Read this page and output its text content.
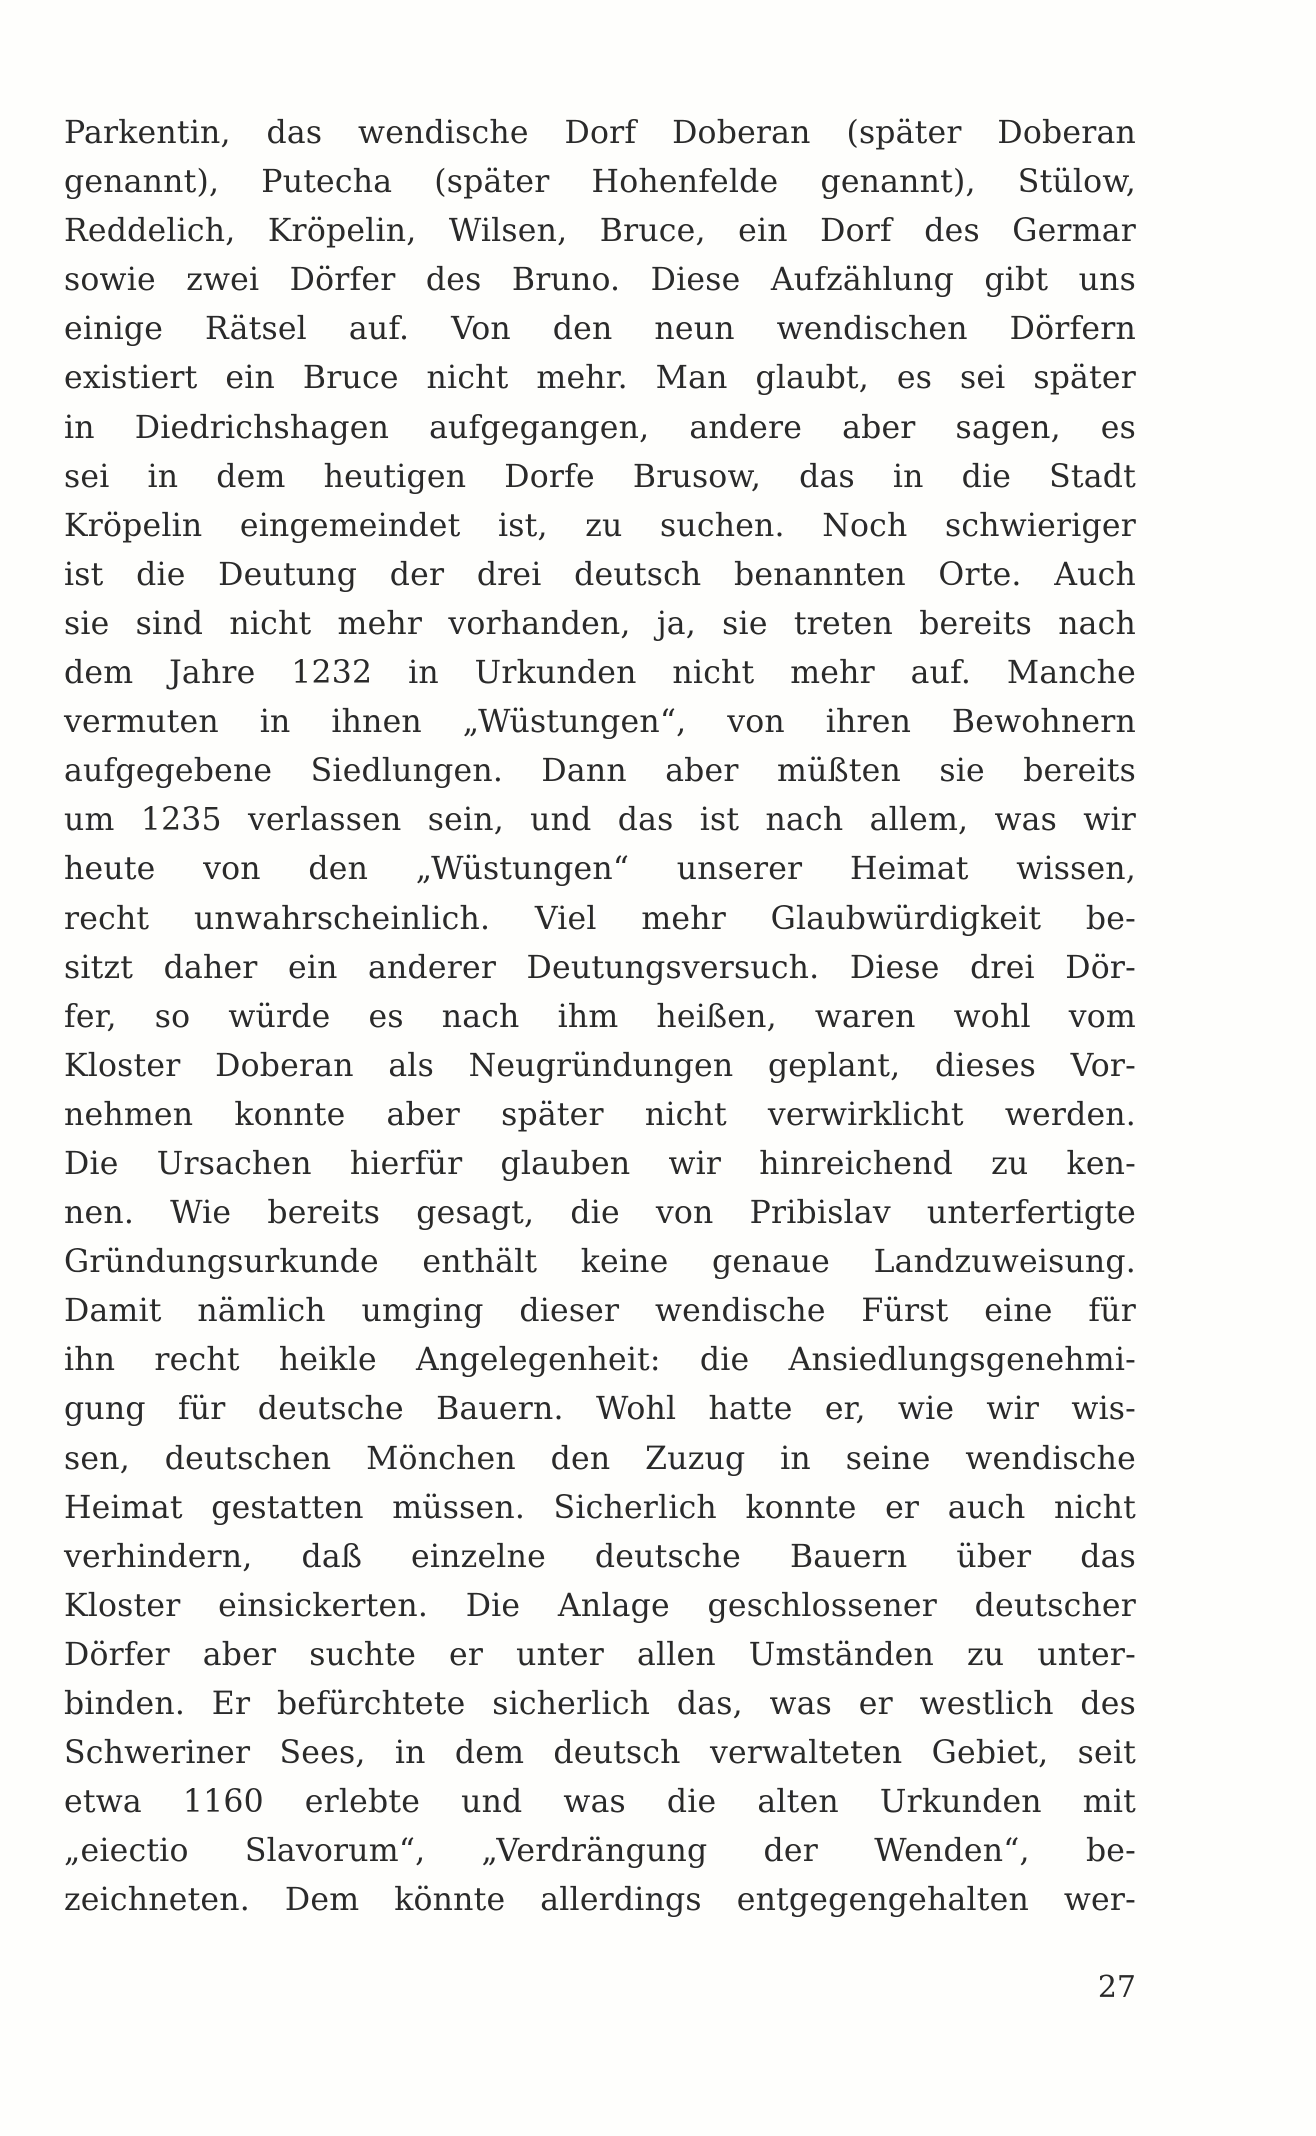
Parkentin, das wendische Dorf Doberan (später Doberan
genannt), Putecha (später Hohenfelde genannt), Stülow,
Reddelich, Kröpelin, Wilsen, Bruce, ein Dorf des Germar
sowie zwei Dörfer des Bruno. Diese Aufzählung gibt uns
einige Rätsel auf. Von den neun wendischen Dörfern
existiert ein Bruce nicht mehr. Man glaubt, es sei später
in Diedrichshagen aufgegangen, andere aber sagen, es
sei in dem heutigen Dorfe Brusow, das in die Stadt
Kröpelin eingemeindet ist, zu suchen. Noch schwieriger
ist die Deutung der drei deutsch benannten Orte. Auch
sie sind nicht mehr vorhanden, ja, sie treten bereits nach
dem Jahre 1232 in Urkunden nicht mehr auf. Manche
vermuten in ihnen „Wüstungen“, von ihren Bewohnern
aufgegebene Siedlungen. Dann aber müßten sie bereits
um 1235 verlassen sein, und das ist nach allem, was wir
heute von den „Wüstungen“ unserer Heimat wissen,
recht unwahrscheinlich. Viel mehr Glaubwürdigkeit be-
sitzt daher ein anderer Deutungsversuch. Diese drei Dör-
fer, so würde es nach ihm heißen, waren wohl vom
Kloster Doberan als Neugründungen geplant, dieses Vor-
nehmen konnte aber später nicht verwirklicht werden.
Die Ursachen hierfür glauben wir hinreichend zu ken-
nen. Wie bereits gesagt, die von Pribislav unterfertigte
Gründungsurkunde enthält keine genaue Landzuweisung.
Damit nämlich umging dieser wendische Fürst eine für
ihn recht heikle Angelegenheit: die Ansiedlungsgenehmi-
gung für deutsche Bauern. Wohl hatte er, wie wir wis-
sen, deutschen Mönchen den Zuzug in seine wendische
Heimat gestatten müssen. Sicherlich konnte er auch nicht
verhindern, daß einzelne deutsche Bauern über das
Kloster einsickerten. Die Anlage geschlossener deutscher
Dörfer aber suchte er unter allen Umständen zu unter-
binden. Er befürchtete sicherlich das, was er westlich des
Schweriner Sees, in dem deutsch verwalteten Gebiet, seit
etwa 1160 erlebte und was die alten Urkunden mit
„eiectio Slavorum“, „Verdrängung der Wenden“, be-
zeichneten. Dem könnte allerdings entgegengehalten wer-
27
